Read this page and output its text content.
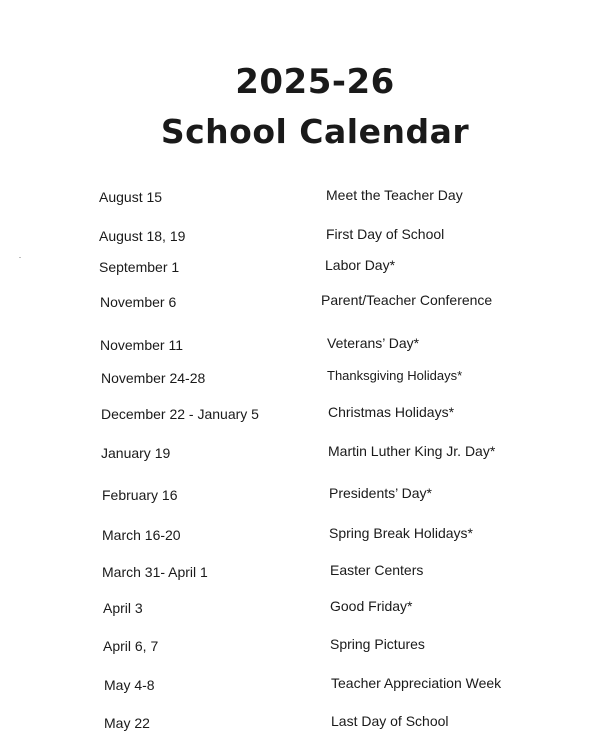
2025-26
School Calendar
August 15	Meet the Teacher Day
August 18, 19	First Day of School
September 1	Labor Day*
November 6	Parent/Teacher Conference
November 11	Veterans’ Day*
November 24-28	Thanksgiving Holidays*
December 22 - January 5	Christmas Holidays*
January 19	Martin Luther King Jr. Day*
February 16	Presidents’ Day*
March 16-20	Spring Break Holidays*
March 31- April 1	Easter Centers
April 3	Good Friday*
April 6, 7	Spring Pictures
May 4-8	Teacher Appreciation Week
May 22	Last Day of School
